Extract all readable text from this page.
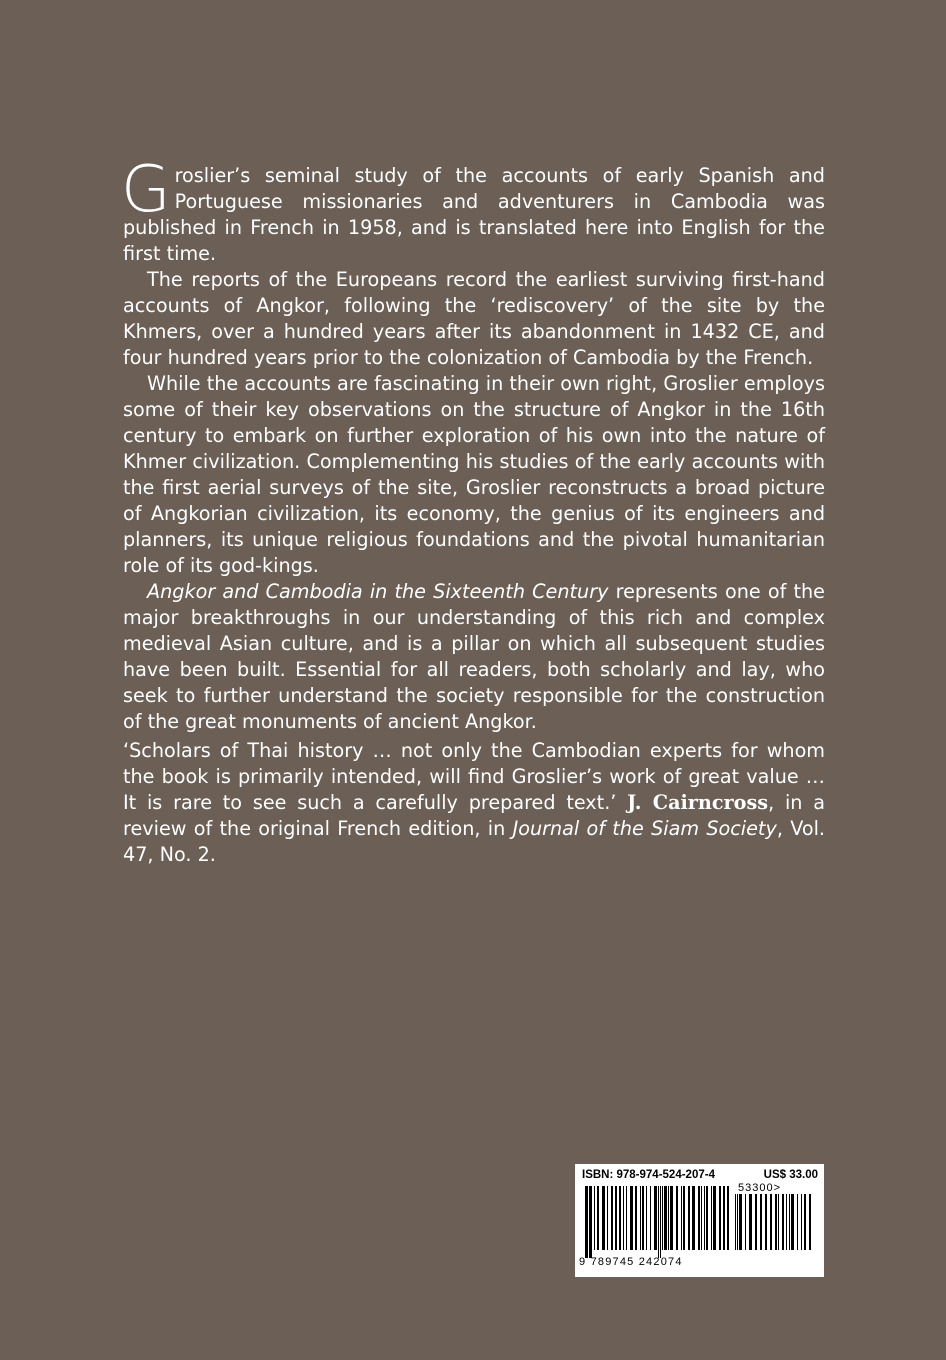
Groslier’s seminal study of the accounts of early Spanish and Portuguese missionaries and adventurers in Cambodia was published in French in 1958, and is translated here into English for the first time.

The reports of the Europeans record the earliest surviving first-hand accounts of Angkor, following the ‘rediscovery’ of the site by the Khmers, over a hundred years after its abandonment in 1432 CE, and four hundred years prior to the colonization of Cambodia by the French.

While the accounts are fascinating in their own right, Groslier employs some of their key observations on the structure of Angkor in the 16th century to embark on further exploration of his own into the nature of Khmer civilization. Complementing his studies of the early accounts with the first aerial surveys of the site, Groslier reconstructs a broad picture of Angkorian civilization, its economy, the genius of its engineers and planners, its unique religious foundations and the pivotal humanitarian role of its god-kings.

Angkor and Cambodia in the Sixteenth Century represents one of the major breakthroughs in our understanding of this rich and complex medieval Asian culture, and is a pillar on which all subsequent studies have been built. Essential for all readers, both scholarly and lay, who seek to further understand the society responsible for the construction of the great monuments of ancient Angkor.

‘Scholars of Thai history … not only the Cambodian experts for whom the book is primarily intended, will find Groslier’s work of great value … It is rare to see such a carefully prepared text.’ J. Cairncross, in a review of the original French edition, in Journal of the Siam Society, Vol. 47, No. 2.

ISBN: 978-974-524-207-4	US$ 33.00
53300>
9 789745 242074
